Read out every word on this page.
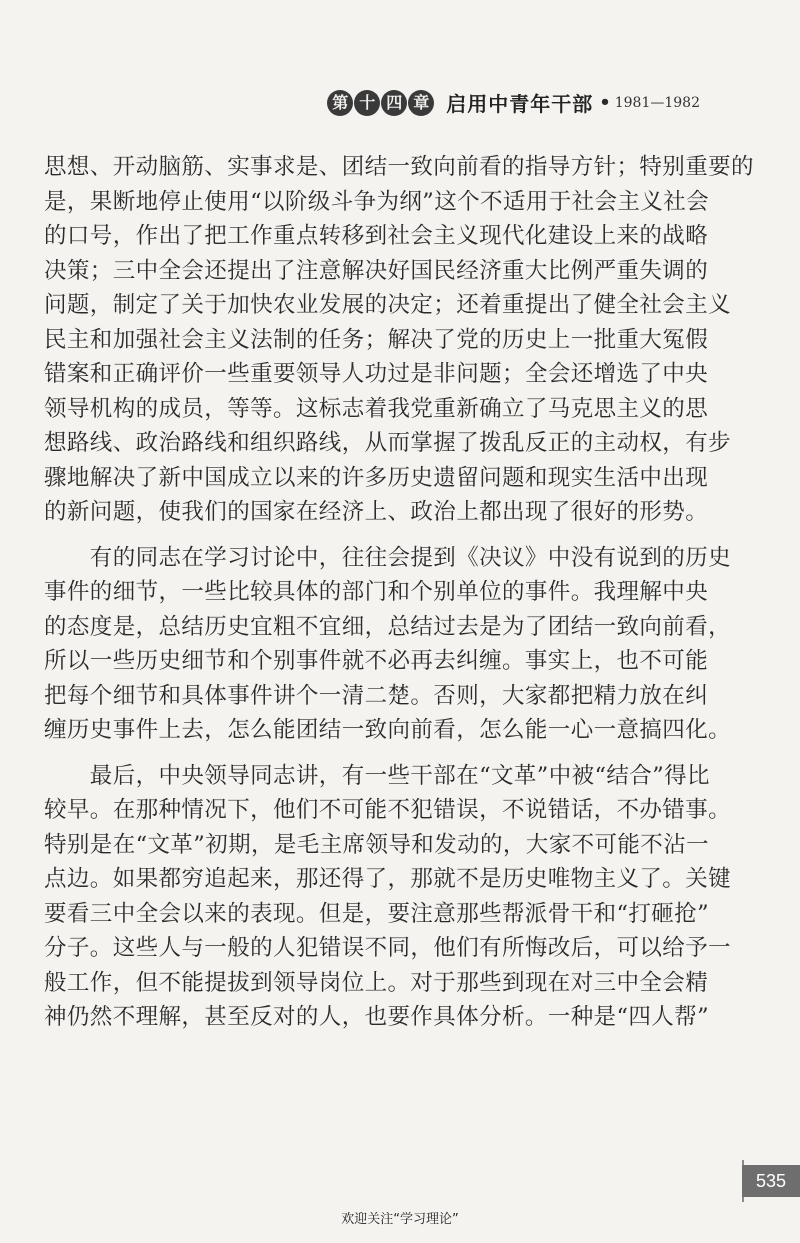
第 十 四 章 启用中青年干部 • 1981—1982
思想、开动脑筋、实事求是、团结一致向前看的指导方针；特别重要的
是，果断地停止使用“以阶级斗争为纲”这个不适用于社会主义社会
的口号，作出了把工作重点转移到社会主义现代化建设上来的战略
决策；三中全会还提出了注意解决好国民经济重大比例严重失调的
问题，制定了关于加快农业发展的决定；还着重提出了健全社会主义
民主和加强社会主义法制的任务；解决了党的历史上一批重大冤假
错案和正确评价一些重要领导人功过是非问题；全会还增选了中央
领导机构的成员，等等。这标志着我党重新确立了马克思主义的思
想路线、政治路线和组织路线，从而掌握了拨乱反正的主动权，有步
骤地解决了新中国成立以来的许多历史遗留问题和现实生活中出现
的新问题，使我们的国家在经济上、政治上都出现了很好的形势。
　　有的同志在学习讨论中，往往会提到《决议》中没有说到的历史
事件的细节，一些比较具体的部门和个别单位的事件。我理解中央
的态度是，总结历史宜粗不宜细，总结过去是为了团结一致向前看，
所以一些历史细节和个别事件就不必再去纠缠。事实上，也不可能
把每个细节和具体事件讲个一清二楚。否则，大家都把精力放在纠
缠历史事件上去，怎么能团结一致向前看，怎么能一心一意搞四化。
　　最后，中央领导同志讲，有一些干部在“文革”中被“结合”得比
较早。在那种情况下，他们不可能不犯错误，不说错话，不办错事。
特别是在“文革”初期，是毛主席领导和发动的，大家不可能不沾一
点边。如果都穷追起来，那还得了，那就不是历史唯物主义了。关键
要看三中全会以来的表现。但是，要注意那些帮派骨干和“打砸抢”
分子。这些人与一般的人犯错误不同，他们有所悔改后，可以给予一
般工作，但不能提拔到领导岗位上。对于那些到现在对三中全会精
神仍然不理解，甚至反对的人，也要作具体分析。一种是“四人帮”
535
欢迎关注“学习理论”
